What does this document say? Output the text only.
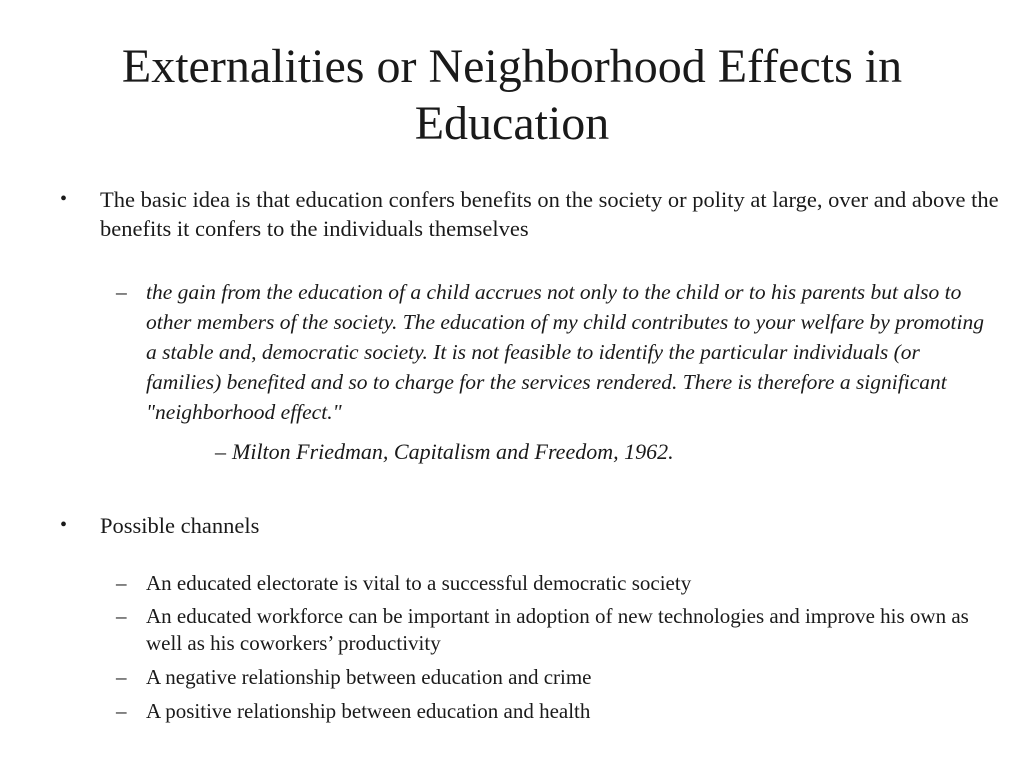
Externalities or Neighborhood Effects in Education
•	The basic idea is that education confers benefits on the society or polity at large, over and above the benefits it confers to the individuals themselves
– the gain from the education of a child accrues not only to the child or to his parents but also to other members of the society. The education of my child contributes to your welfare by promoting a stable and, democratic society. It is not feasible to identify the particular individuals (or families) benefited and so to charge for the services rendered. There is therefore a significant "neighborhood effect."
– Milton Friedman, Capitalism and Freedom, 1962.
•	Possible channels
– An educated electorate is vital to a successful democratic society
– An educated workforce can be important in adoption of new technologies and improve his own as well as his coworkers’ productivity
– A negative relationship between education and crime
– A positive relationship between education and health
